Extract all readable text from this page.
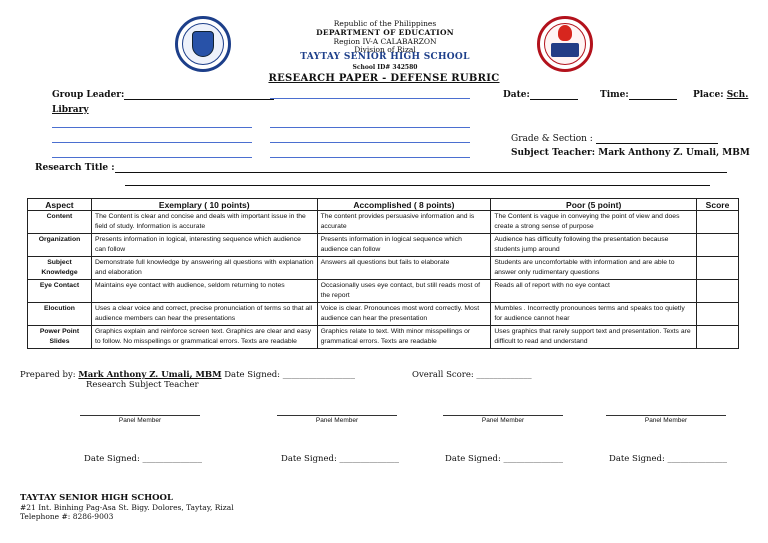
Republic of the Philippines
DEPARTMENT OF EDUCATION
Region IV-A CALABARZON
Division of Rizal
TAYTAY SENIOR HIGH SCHOOL
School ID# 342580
RESEARCH PAPER - DEFENSE RUBRIC
Group Leader:	Date:	Time:	Place: Sch.
Library
Grade & Section :
Subject Teacher: Mark Anthony Z. Umali, MBM
Research Title :
Aspect	Exemplary ( 10 points)	Accomplished ( 8 points)	Poor (5 point)	Score
Content	The Content is clear and concise and deals with important issue in the field of study. Information is accurate	The content provides persuasive information and is accurate	The Content is vague in conveying the point of view and does create a strong sense of purpose	
Organization	Presents information in logical, interesting sequence which audience can follow	Presents information in logical sequence which audience can follow	Audience has difficulty following the presentation because students jump around	
Subject Knowledge	Demonstrate full knowledge by answering all questions with explanation and elaboration	Answers all questions but fails to elaborate	Students are uncomfortable with information and are able to answer only rudimentary questions	
Eye Contact	Maintains eye contact with audience, seldom returning to notes	Occasionally uses eye contact, but still reads most of the report	Reads all of report with no eye contact	
Elocution	Uses a clear voice and correct, precise pronunciation of terms so that all audience members can hear the presentations	Voice is clear. Pronounces most word correctly. Most audience can hear the presentation	Mumbles . Incorrectly pronounces terms and speaks too quietly for audience cannot hear	
Power Point Slides	Graphics explain and reinforce screen text. Graphics are clear and easy to follow. No misspellings or grammatical errors. Texts are readable	Graphics relate to text. With minor misspellings or grammatical errors. Texts are readable	Uses graphics that rarely support text and presentation. Texts are difficult to read and understand	
Prepared by: Mark Anthony Z. Umali, MBM Date Signed: _________________
Research Subject Teacher
Overall Score: _____________
Panel Member	Panel Member	Panel Member	Panel Member
Date Signed: ______________	Date Signed: ______________	Date Signed: ______________	Date Signed: ______________
TAYTAY SENIOR HIGH SCHOOL
#21 Int. Binhing Pag-Asa St. Bigy. Dolores, Taytay, Rizal
Telephone #: 8286-9003
